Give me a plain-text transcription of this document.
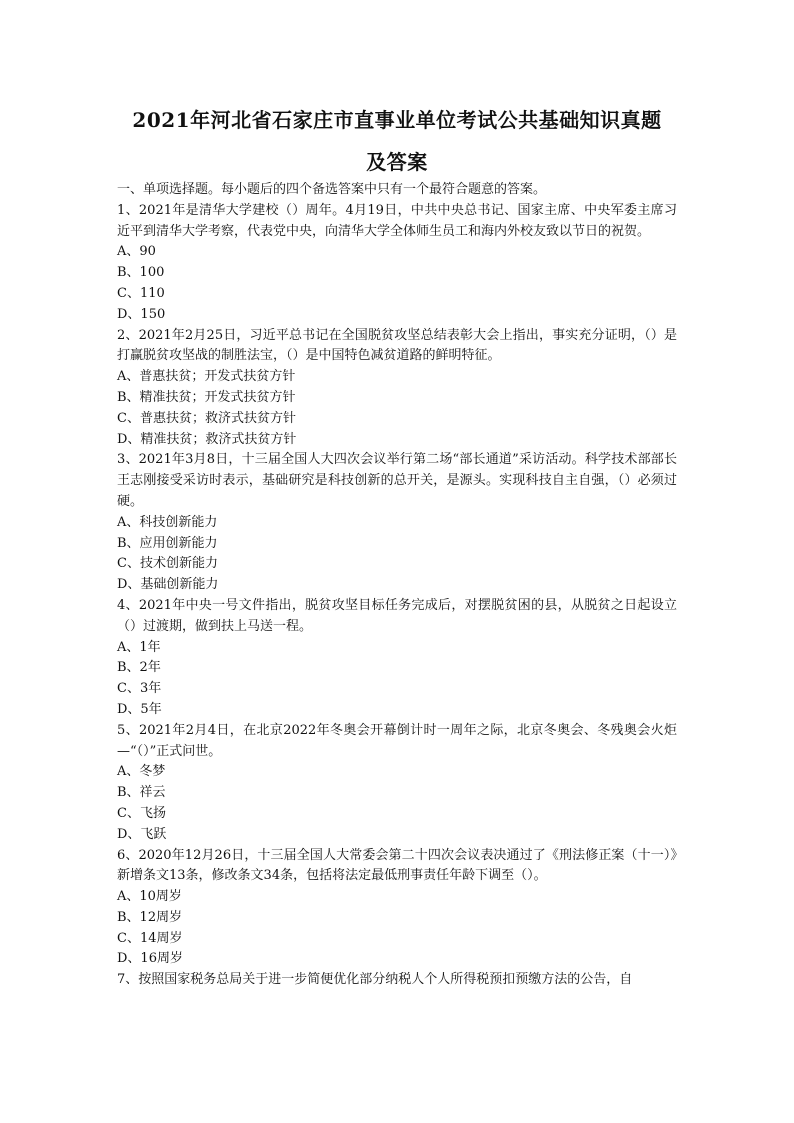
2021年河北省石家庄市直事业单位考试公共基础知识真题
及答案
一、单项选择题。每小题后的四个备选答案中只有一个最符合题意的答案。
1、2021年是清华大学建校（）周年。4月19日，中共中央总书记、国家主席、中央军委主席习近平到清华大学考察，代表党中央，向清华大学全体师生员工和海内外校友致以节日的祝贺。
A、90
B、100
C、110
D、150
2、2021年2月25日，习近平总书记在全国脱贫攻坚总结表彰大会上指出，事实充分证明，（）是打赢脱贫攻坚战的制胜法宝，（）是中国特色减贫道路的鲜明特征。
A、普惠扶贫；开发式扶贫方针
B、精准扶贫；开发式扶贫方针
C、普惠扶贫；救济式扶贫方针
D、精准扶贫；救济式扶贫方针
3、2021年3月8日，十三届全国人大四次会议举行第二场“部长通道”采访活动。科学技术部部长王志刚接受采访时表示，基础研究是科技创新的总开关，是源头。实现科技自主自强，（）必须过硬。
A、科技创新能力
B、应用创新能力
C、技术创新能力
D、基础创新能力
4、2021年中央一号文件指出，脱贫攻坚目标任务完成后，对摆脱贫困的县，从脱贫之日起设立（）过渡期，做到扶上马送一程。
A、1年
B、2年
C、3年
D、5年
5、2021年2月4日，在北京2022年冬奥会开幕倒计时一周年之际，北京冬奥会、冬残奥会火炬—“（）”正式问世。
A、冬梦
B、祥云
C、飞扬
D、飞跃
6、2020年12月26日，十三届全国人大常委会第二十四次会议表决通过了《刑法修正案（十一）》新增条文13条，修改条文34条，包括将法定最低刑事责任年龄下调至（）。
A、10周岁
B、12周岁
C、14周岁
D、16周岁
7、按照国家税务总局关于进一步简便优化部分纳税人个人所得税预扣预缴方法的公告，自
